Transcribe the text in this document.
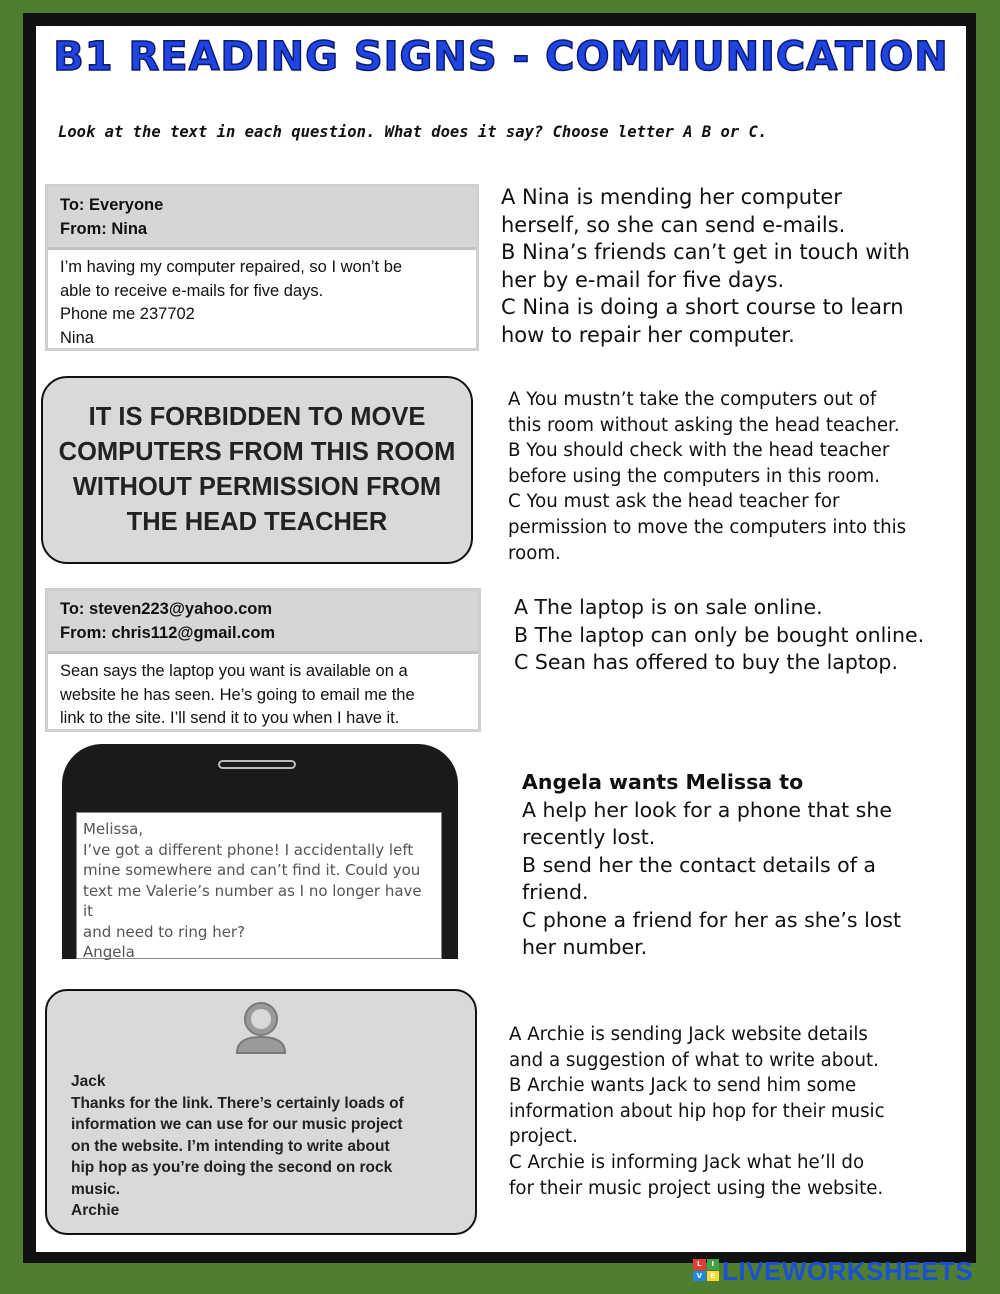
B1 READING SIGNS - COMMUNICATION
Look at the text in each question. What does it say? Choose letter A B or C.
To: Everyone
From: Nina
I’m having my computer repaired, so I won’t be
able to receive e-mails for five days.
Phone me 237702
Nina
A Nina is mending her computer
herself, so she can send e-mails.
B Nina’s friends can’t get in touch with
her by e-mail for five days.
C Nina is doing a short course to learn
how to repair her computer.
IT IS FORBIDDEN TO MOVE
COMPUTERS FROM THIS ROOM
WITHOUT PERMISSION FROM
THE HEAD TEACHER
A You mustn’t take the computers out of
this room without asking the head teacher.
B You should check with the head teacher
before using the computers in this room.
C You must ask the head teacher for
permission to move the computers into this
room.
To: steven223@yahoo.com
From: chris112@gmail.com
Sean says the laptop you want is available on a
website he has seen. He’s going to email me the
link to the site. I’ll send it to you when I have it.
A The laptop is on sale online.
B The laptop can only be bought online.
C Sean has offered to buy the laptop.
Melissa,
I’ve got a different phone! I accidentally left
mine somewhere and can’t find it. Could you
text me Valerie’s number as I no longer have it
and need to ring her?
Angela
Angela wants Melissa to
A help her look for a phone that she
recently lost.
B send her the contact details of a
friend.
C phone a friend for her as she’s lost
her number.
Jack
Thanks for the link. There’s certainly loads of
information we can use for our music project
on the website. I’m intending to write about
hip hop as you’re doing the second on rock
music.
Archie
A Archie is sending Jack website details
and a suggestion of what to write about.
B Archie wants Jack to send him some
information about hip hop for their music
project.
C Archie is informing Jack what he’ll do
for their music project using the website.
L	I
V	E LIVEWORKSHEETS
